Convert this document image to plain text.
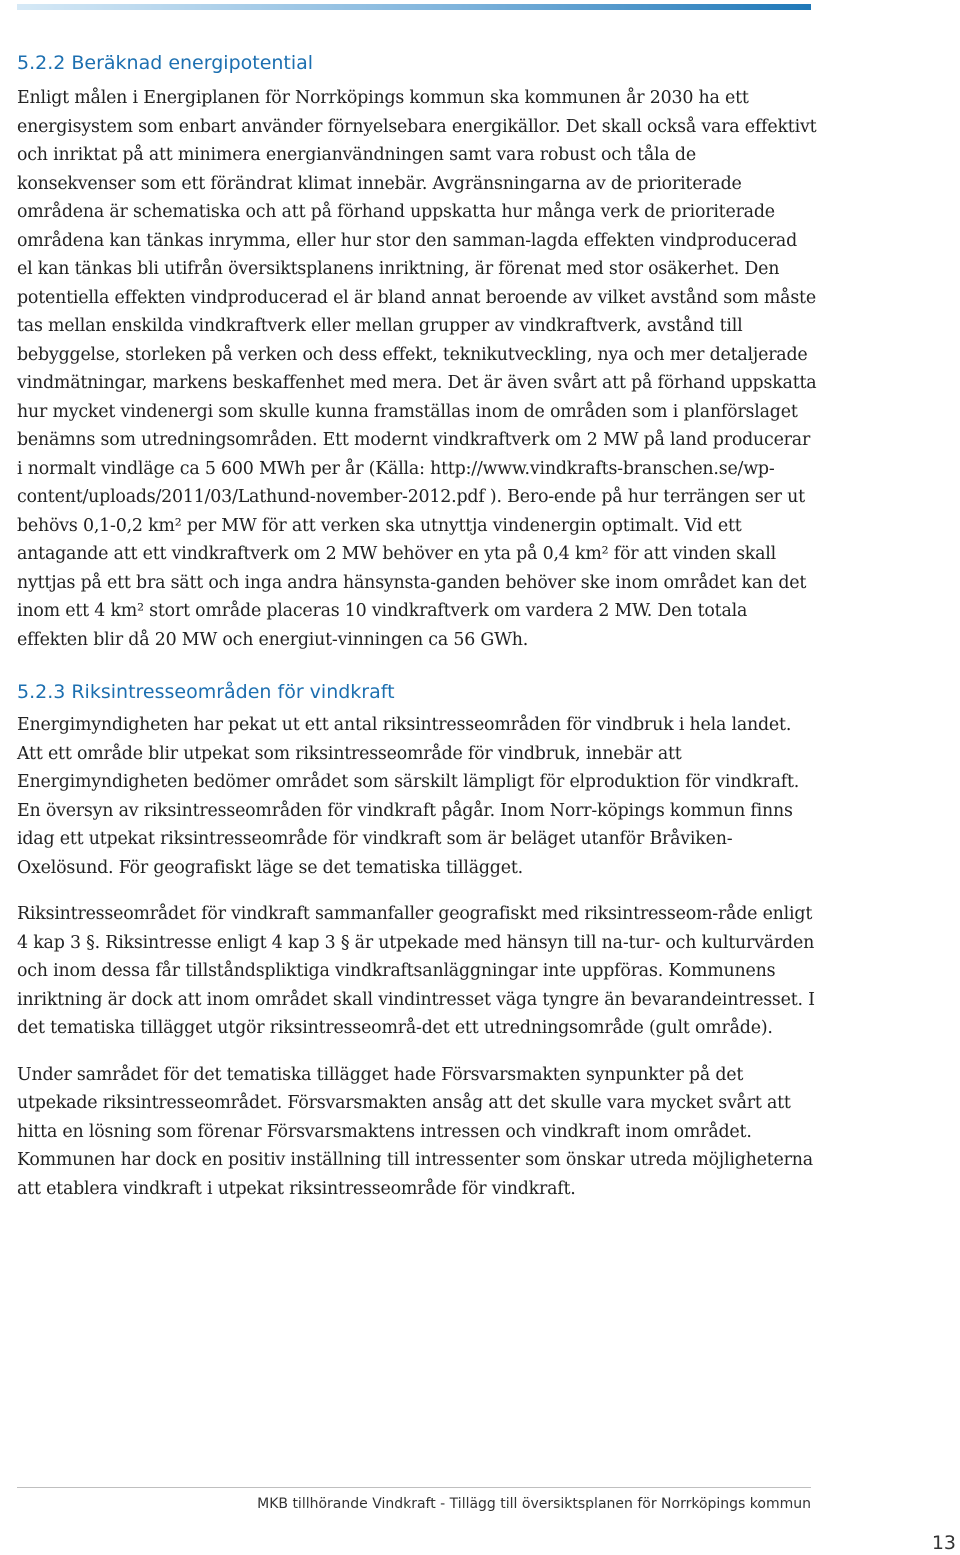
5.2.2 Beräknad energipotential

Enligt målen i Energiplanen för Norrköpings kommun ska kommunen år 2030 ha ett energisystem som enbart använder förnyelsebara energikällor. Det skall också vara effektivt och inriktat på att minimera energianvändningen samt vara robust och tåla de konsekvenser som ett förändrat klimat innebär. Avgränsningarna av de prioriterade områdena är schematiska och att på förhand uppskatta hur många verk de prioriterade områdena kan tänkas inrymma, eller hur stor den samman-lagda effekten vindproducerad el kan tänkas bli utifrån översiktsplanens inriktning, är förenat med stor osäkerhet. Den potentiella effekten vindproducerad el är bland annat beroende av vilket avstånd som måste tas mellan enskilda vindkraftverk eller mellan grupper av vindkraftverk, avstånd till bebyggelse, storleken på verken och dess effekt, teknikutveckling, nya och mer detaljerade vindmätningar, markens beskaffenhet med mera. Det är även svårt att på förhand uppskatta hur mycket vindenergi som skulle kunna framställas inom de områden som i planförslaget benämns som utredningsområden. Ett modernt vindkraftverk om 2 MW på land producerar i normalt vindläge ca 5 600 MWh per år (Källa: http://www.vindkrafts-branschen.se/wp-content/uploads/2011/03/Lathund-november-2012.pdf ). Bero-ende på hur terrängen ser ut behövs 0,1-0,2 km² per MW för att verken ska utnyttja vindenergin optimalt. Vid ett antagande att ett vindkraftverk om 2 MW behöver en yta på 0,4 km² för att vinden skall nyttjas på ett bra sätt och inga andra hänsynsta-ganden behöver ske inom området kan det inom ett 4 km² stort område placeras 10 vindkraftverk om vardera 2 MW. Den totala effekten blir då 20 MW och energiut-vinningen ca 56 GWh.

5.2.3 Riksintresseområden för vindkraft

Energimyndigheten har pekat ut ett antal riksintresseområden för vindbruk i hela landet. Att ett område blir utpekat som riksintresseområde för vindbruk, innebär att Energimyndigheten bedömer området som särskilt lämpligt för elproduktion för vindkraft. En översyn av riksintresseområden för vindkraft pågår. Inom Norr-köpings kommun finns idag ett utpekat riksintresseområde för vindkraft som är beläget utanför Bråviken-Oxelösund. För geografiskt läge se det tematiska tillägget.

Riksintresseområdet för vindkraft sammanfaller geografiskt med riksintresseom-råde enligt 4 kap 3 §. Riksintresse enligt 4 kap 3 § är utpekade med hänsyn till na-tur- och kulturvärden och inom dessa får tillståndspliktiga vindkraftsanläggningar inte uppföras. Kommunens inriktning är dock att inom området skall vindintresset väga tyngre än bevarandeintresset. I det tematiska tillägget utgör riksintresseområ-det ett utredningsområde (gult område).

Under samrådet för det tematiska tillägget hade Försvarsmakten synpunkter på det utpekade riksintresseområdet. Försvarsmakten ansåg att det skulle vara mycket svårt att hitta en lösning som förenar Försvarsmaktens intressen och vindkraft inom området. Kommunen har dock en positiv inställning till intressenter som önskar utreda möjligheterna att etablera vindkraft i utpekat riksintresseområde för vindkraft.

MKB tillhörande Vindkraft - Tillägg till översiktsplanen för Norrköpings kommun
13
